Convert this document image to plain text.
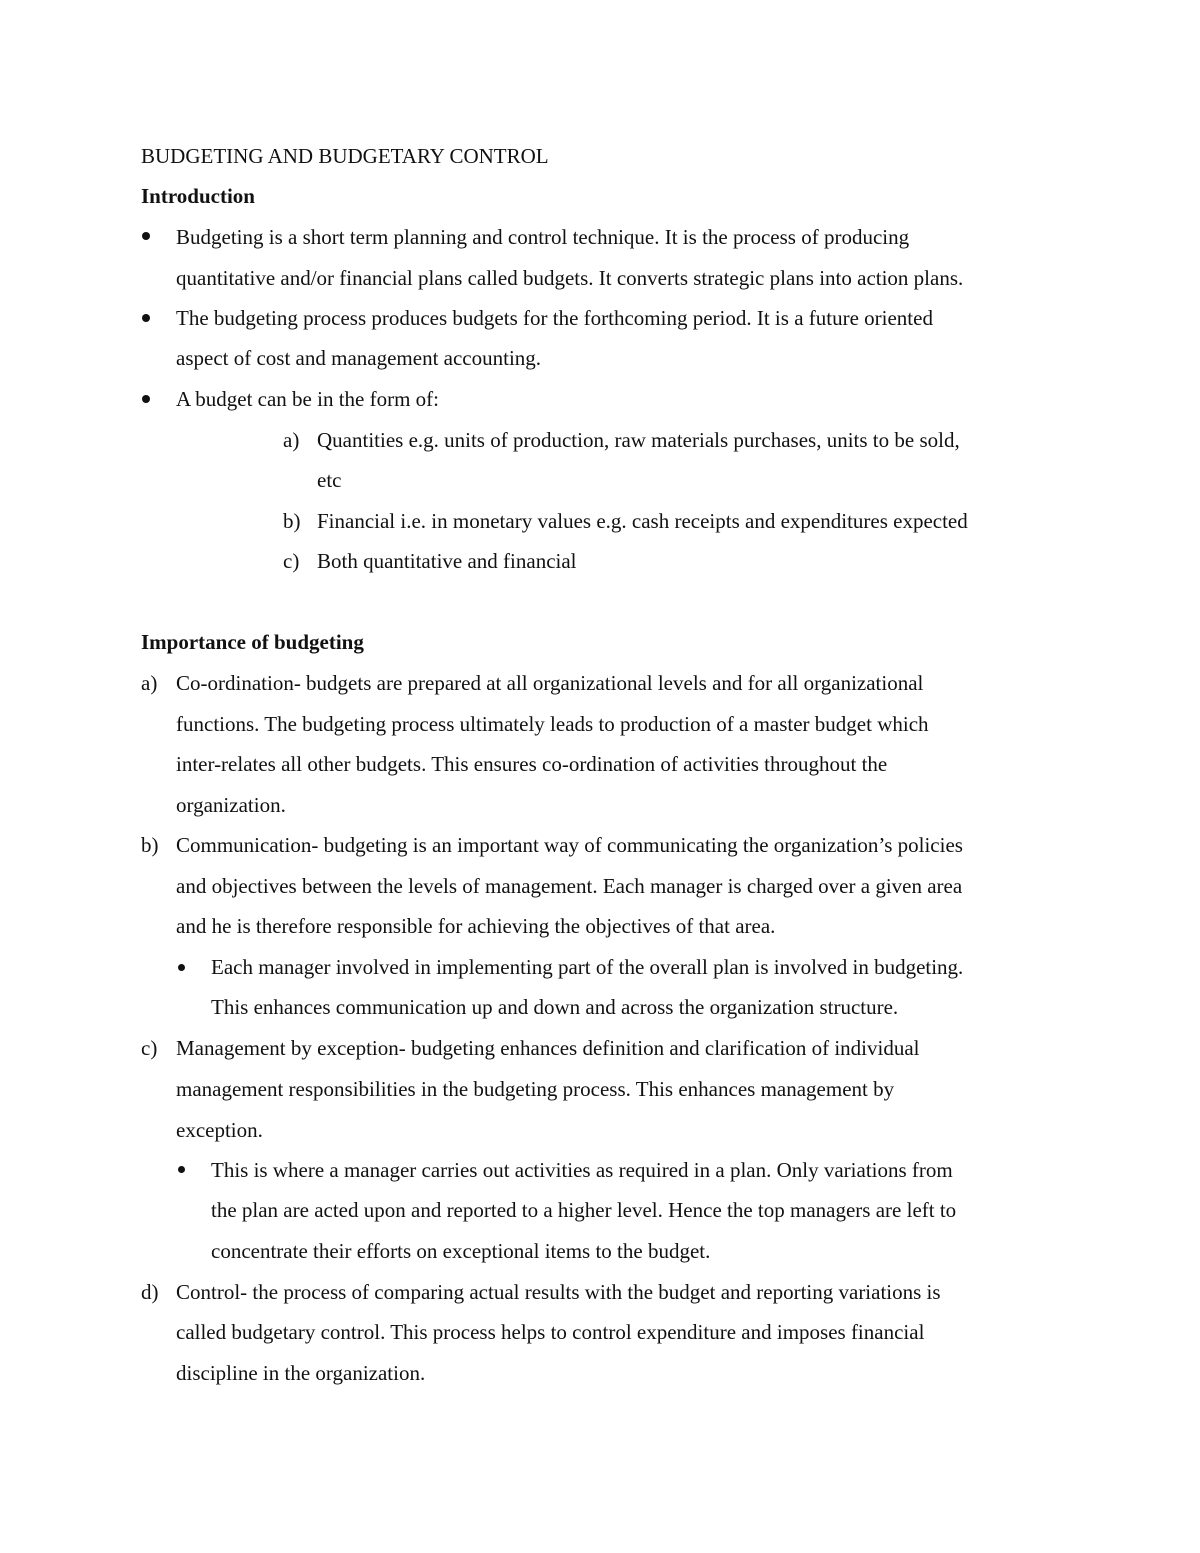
BUDGETING AND BUDGETARY CONTROL
Introduction
Budgeting is a short term planning and control technique. It is the process of producing
quantitative and/or financial plans called budgets. It converts strategic plans into action plans.
The budgeting process produces budgets for the forthcoming period. It is a future oriented
aspect of cost and management accounting.
A budget can be in the form of:
a) Quantities e.g. units of production, raw materials purchases, units to be sold,
etc
b) Financial i.e. in monetary values e.g. cash receipts and expenditures expected
c) Both quantitative and financial
Importance of budgeting
a) Co-ordination- budgets are prepared at all organizational levels and for all organizational
functions. The budgeting process ultimately leads to production of a master budget which
inter-relates all other budgets. This ensures co-ordination of activities throughout the
organization.
b) Communication- budgeting is an important way of communicating the organization’s policies
and objectives between the levels of management. Each manager is charged over a given area
and he is therefore responsible for achieving the objectives of that area.
Each manager involved in implementing part of the overall plan is involved in budgeting.
This enhances communication up and down and across the organization structure.
c) Management by exception- budgeting enhances definition and clarification of individual
management responsibilities in the budgeting process. This enhances management by
exception.
This is where a manager carries out activities as required in a plan. Only variations from
the plan are acted upon and reported to a higher level. Hence the top managers are left to
concentrate their efforts on exceptional items to the budget.
d) Control- the process of comparing actual results with the budget and reporting variations is
called budgetary control. This process helps to control expenditure and imposes financial
discipline in the organization.
